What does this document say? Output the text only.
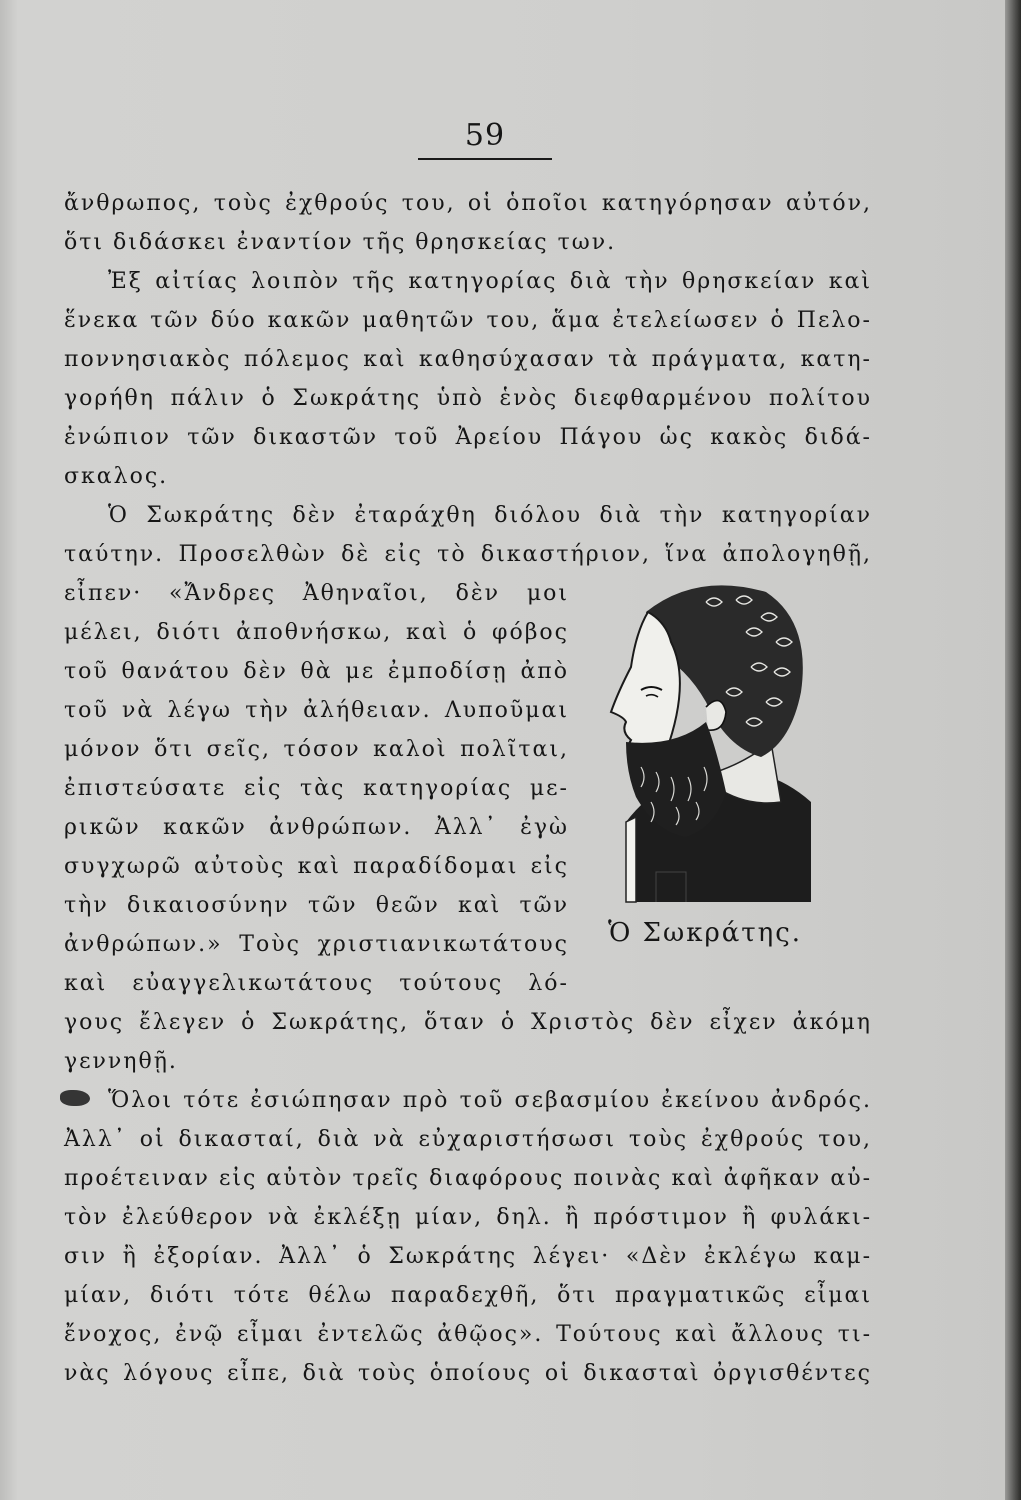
59
ἄνθρωπος, τοὺς ἐχθρούς του, οἱ ὁποῖοι κατηγόρησαν αὐτόν,
ὅτι διδάσκει ἐναντίον τῆς θρησκείας των.
Ἐξ αἰτίας λοιπὸν τῆς κατηγορίας διὰ τὴν θρησκείαν καὶ
ἕνεκα τῶν δύο κακῶν μαθητῶν του, ἅμα ἐτελείωσεν ὁ Πελο-
ποννησιακὸς πόλεμος καὶ καθησύχασαν τὰ πράγματα, κατη-
γορήθη πάλιν ὁ Σωκράτης ὑπὸ ἑνὸς διεφθαρμένου πολίτου
ἐνώπιον τῶν δικαστῶν τοῦ Ἀρείου Πάγου ὡς κακὸς διδά-
σκαλος.
Ὁ Σωκράτης δὲν ἐταράχθη διόλου διὰ τὴν κατηγορίαν
ταύτην. Προσελθὼν δὲ εἰς τὸ δικαστήριον, ἵνα ἀπολογηθῇ,
εἶπεν· «Ἄνδρες Ἀθηναῖοι, δὲν μοι
μέλει, διότι ἀποθνήσκω, καὶ ὁ φόβος
τοῦ θανάτου δὲν θὰ με ἐμποδίσῃ ἀπὸ
τοῦ νὰ λέγω τὴν ἀλήθειαν. Λυποῦμαι
μόνον ὅτι σεῖς, τόσον καλοὶ πολῖται,
ἐπιστεύσατε εἰς τὰς κατηγορίας με-
ρικῶν κακῶν ἀνθρώπων. Ἀλλ᾿ ἐγὼ
συγχωρῶ αὐτοὺς καὶ παραδίδομαι εἰς
τὴν δικαιοσύνην τῶν θεῶν καὶ τῶν
ἀνθρώπων.» Τοὺς χριστιανικωτάτους
καὶ εὐαγγελικωτάτους τούτους λό-
γους ἔλεγεν ὁ Σωκράτης, ὅταν ὁ Χριστὸς δὲν εἶχεν ἀκόμη
γεννηθῇ.
Ὅλοι τότε ἐσιώπησαν πρὸ τοῦ σεβασμίου ἐκείνου ἀνδρός.
Ἀλλ᾿ οἱ δικασταί, διὰ νὰ εὐχαριστήσωσι τοὺς ἐχθρούς του,
προέτειναν εἰς αὐτὸν τρεῖς διαφόρους ποινὰς καὶ ἀφῆκαν αὐ-
τὸν ἐλεύθερον νὰ ἐκλέξῃ μίαν, δηλ. ἢ πρόστιμον ἢ φυλάκι-
σιν ἢ ἐξορίαν. Ἀλλ᾿ ὁ Σωκράτης λέγει· «Δὲν ἐκλέγω καμ-
μίαν, διότι τότε θέλω παραδεχθῆ, ὅτι πραγματικῶς εἶμαι
ἔνοχος, ἐνῷ εἶμαι ἐντελῶς ἀθῷος». Τούτους καὶ ἄλλους τι-
νὰς λόγους εἶπε, διὰ τοὺς ὁποίους οἱ δικασταὶ ὀργισθέντες
Ὁ Σωκράτης.
